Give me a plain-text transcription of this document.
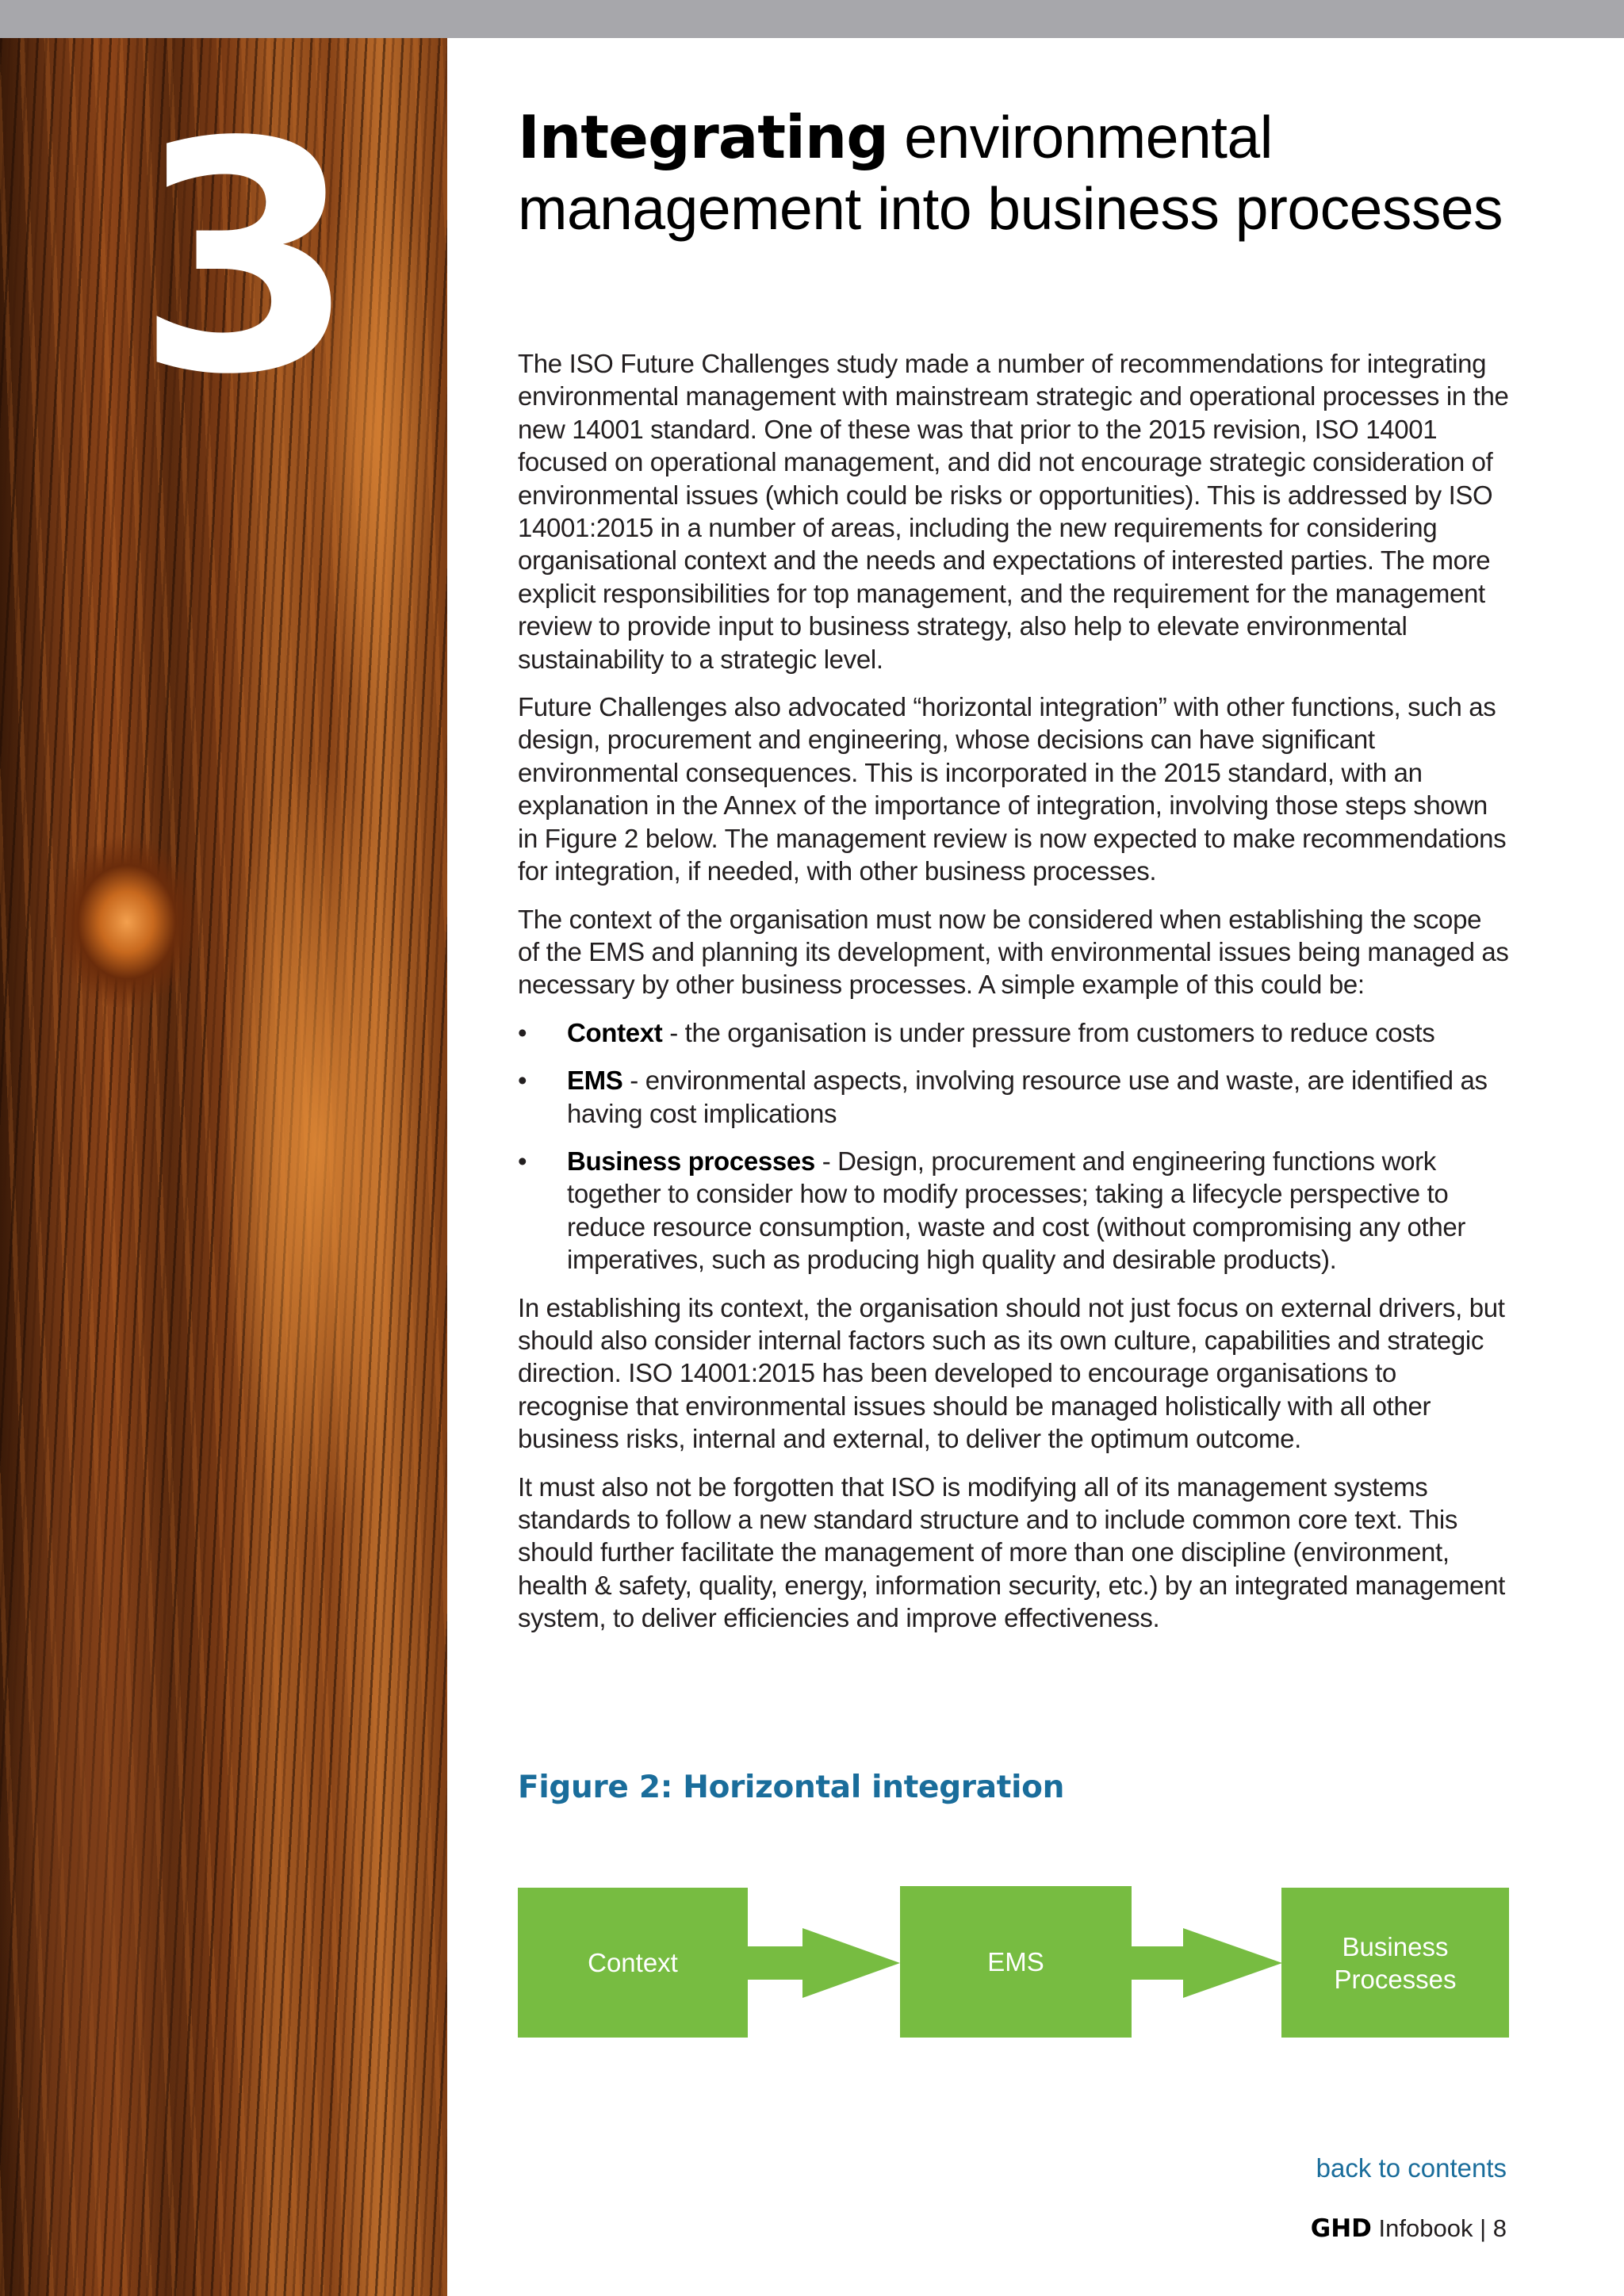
3	Integrating environmental
management into business processes

The ISO Future Challenges study made a number of recommendations for integrating environmental management with mainstream strategic and operational processes in the new 14001 standard. One of these was that prior to the 2015 revision, ISO 14001 focused on operational management, and did not encourage strategic consideration of environmental issues (which could be risks or opportunities). This is addressed by ISO 14001:2015 in a number of areas, including the new requirements for considering organisational context and the needs and expectations of interested parties. The more explicit responsibilities for top management, and the requirement for the management review to provide input to business strategy, also help to elevate environmental sustainability to a strategic level.

Future Challenges also advocated “horizontal integration” with other functions, such as design, procurement and engineering, whose decisions can have significant environmental consequences. This is incorporated in the 2015 standard, with an explanation in the Annex of the importance of integration, involving those steps shown in Figure 2 below. The management review is now expected to make recommendations for integration, if needed, with other business processes.

The context of the organisation must now be considered when establishing the scope of the EMS and planning its development, with environmental issues being managed as necessary by other business processes. A simple example of this could be:

• Context - the organisation is under pressure from customers to reduce costs
• EMS - environmental aspects, involving resource use and waste, are identified as having cost implications
• Business processes - Design, procurement and engineering functions work together to consider how to modify processes; taking a lifecycle perspective to reduce resource consumption, waste and cost (without compromising any other imperatives, such as producing high quality and desirable products).

In establishing its context, the organisation should not just focus on external drivers, but should also consider internal factors such as its own culture, capabilities and strategic direction. ISO 14001:2015 has been developed to encourage organisations to recognise that environmental issues should be managed holistically with all other business risks, internal and external, to deliver the optimum outcome.

It must also not be forgotten that ISO is modifying all of its management systems standards to follow a new standard structure and to include common core text. This should further facilitate the management of more than one discipline (environment, health & safety, quality, energy, information security, etc.) by an integrated management system, to deliver efficiencies and improve effectiveness.

Figure 2: Horizontal integration
Context	EMS
Business Processes
back to contents
GHD Infobook | 8
